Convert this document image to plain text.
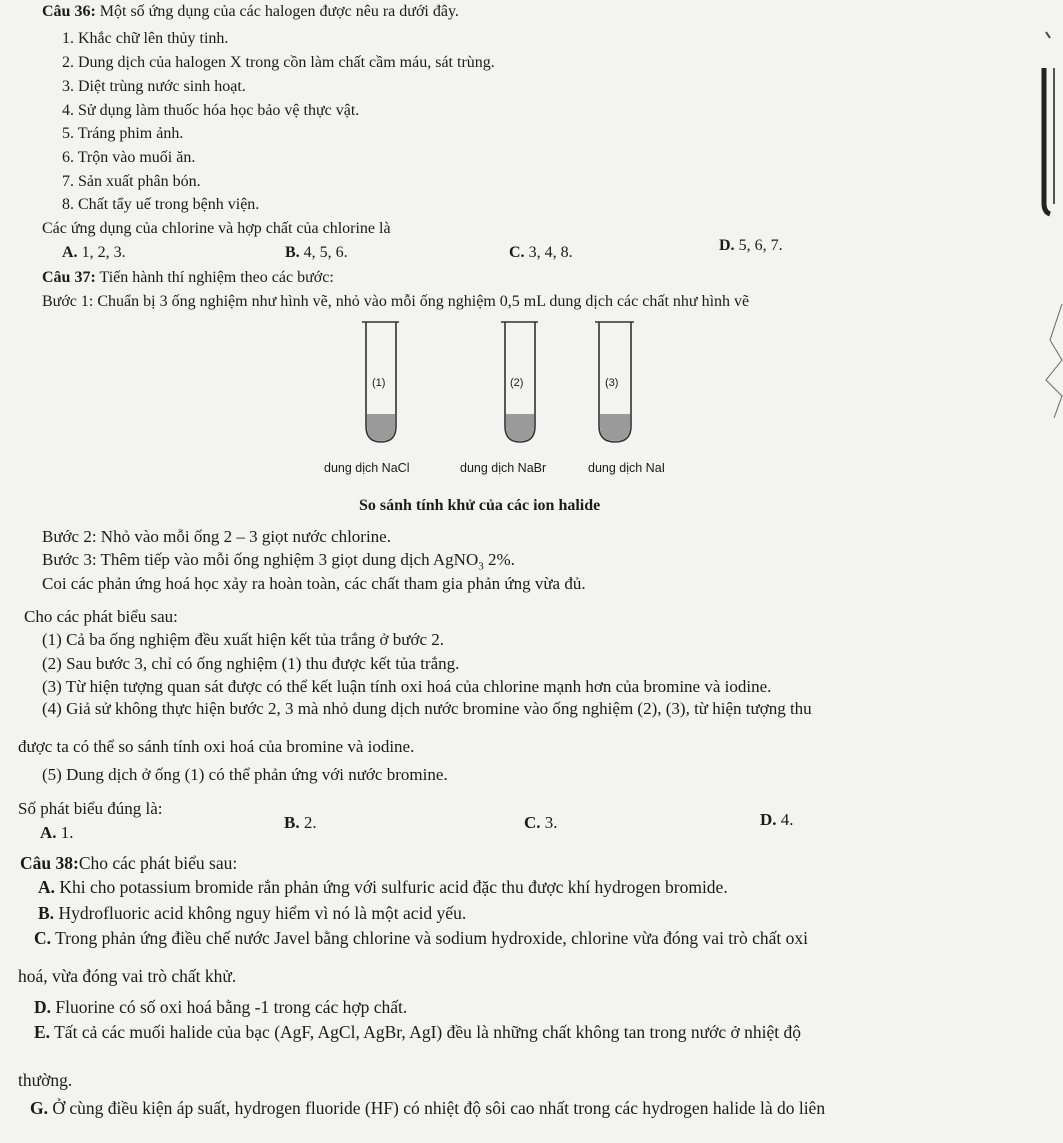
Câu 36: Một số ứng dụng của các halogen được nêu ra dưới đây.
1. Khắc chữ lên thủy tinh.
2. Dung dịch của halogen X trong cồn làm chất cầm máu, sát trùng.
3. Diệt trùng nước sinh hoạt.
4. Sử dụng làm thuốc hóa học bảo vệ thực vật.
5. Tráng phim ảnh.
6. Trộn vào muối ăn.
7. Sản xuất phân bón.
8. Chất tẩy uế trong bệnh viện.
Các ứng dụng của chlorine và hợp chất của chlorine là
A. 1, 2, 3.	B. 4, 5, 6.	C. 3, 4, 8.	D. 5, 6, 7.
Câu 37: Tiến hành thí nghiệm theo các bước:
Bước 1: Chuẩn bị 3 ống nghiệm như hình vẽ, nhỏ vào mỗi ống nghiệm 0,5 mL dung dịch các chất như hình vẽ
(1)	(2)	(3)
dung dịch NaCl	dung dịch NaBr	dung dịch NaI
So sánh tính khử của các ion halide
Bước 2: Nhỏ vào mỗi ống 2 – 3 giọt nước chlorine.
Bước 3: Thêm tiếp vào mỗi ống nghiệm 3 giọt dung dịch AgNO$_3$ 2%.
Coi các phản ứng hoá học xảy ra hoàn toàn, các chất tham gia phản ứng vừa đủ.
Cho các phát biểu sau:
(1) Cả ba ống nghiệm đều xuất hiện kết tủa trắng ở bước 2.
(2) Sau bước 3, chỉ có ống nghiệm (1) thu được kết tủa trắng.
(3) Từ hiện tượng quan sát được có thể kết luận tính oxi hoá của chlorine mạnh hơn của bromine và iodine.
(4) Giả sử không thực hiện bước 2, 3 mà nhỏ dung dịch nước bromine vào ống nghiệm (2), (3), từ hiện tượng thu
được ta có thể so sánh tính oxi hoá của bromine và iodine.
(5) Dung dịch ở ống (1) có thể phản ứng với nước bromine.
Số phát biểu đúng là:
A. 1.
B. 2.	C. 3.	D. 4.
Câu 38:Cho các phát biểu sau:
A. Khi cho potassium bromide rắn phản ứng với sulfuric acid đặc thu được khí hydrogen bromide.
B. Hydrofluoric acid không nguy hiểm vì nó là một acid yếu.
C. Trong phản ứng điều chế nước Javel bằng chlorine và sodium hydroxide, chlorine vừa đóng vai trò chất oxi
hoá, vừa đóng vai trò chất khử.
D. Fluorine có số oxi hoá bằng -1 trong các hợp chất.
E. Tất cả các muối halide của bạc (AgF, AgCl, AgBr, AgI) đều là những chất không tan trong nước ở nhiệt độ
thường.
G. Ở cùng điều kiện áp suất, hydrogen fluoride (HF) có nhiệt độ sôi cao nhất trong các hydrogen halide là do liên
